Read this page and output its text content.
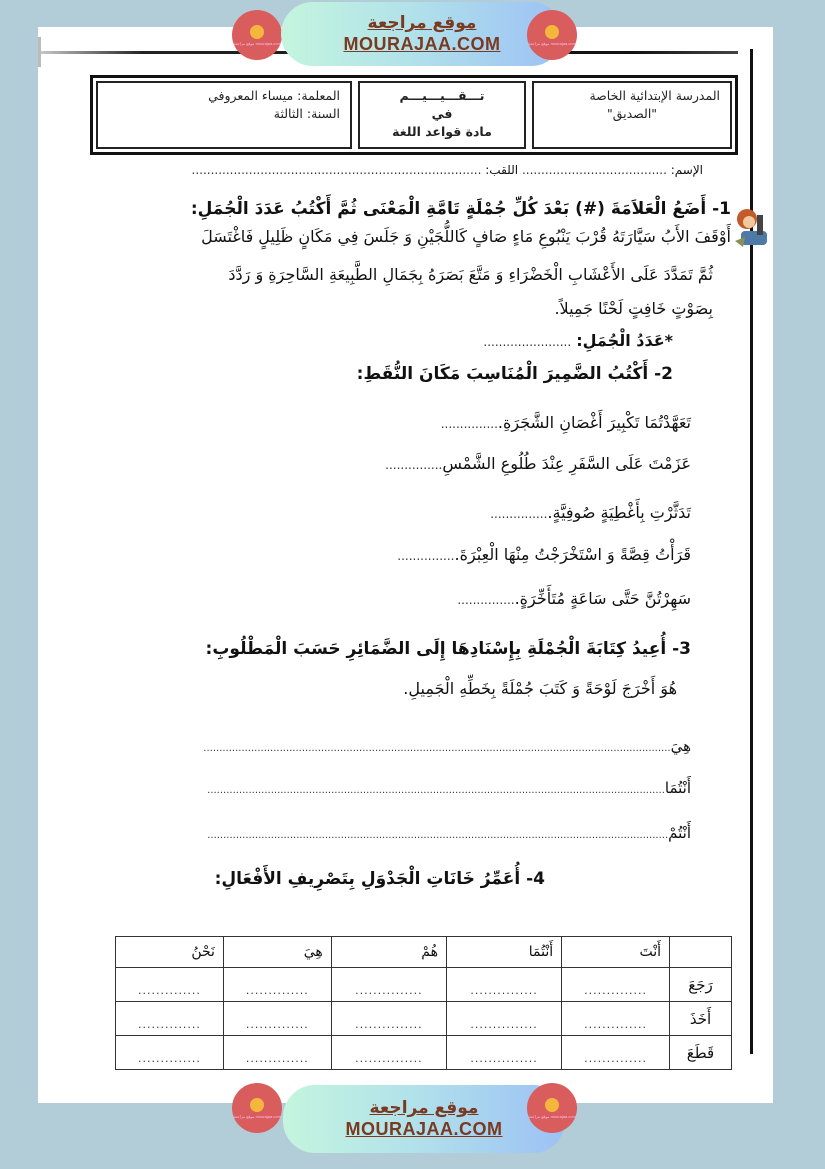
موقع مراجعة mourajaa.com
موقع مراجعة
MOURAJAA.COM	موقع مراجعة mourajaa.com
المدرسة الإبتدائية الخاصة
"الصديق"
تـــقـــيـــيـــم
في
مادة قواعد اللغة
المعلمة: ميساء المعروفي
السنة: الثالثة
الإسم: ...................................... اللقب: ............................................................................
1- أَضَعُ الْعَلاَمَةَ (#) بَعْدَ كُلِّ جُمْلَةٍ تَامَّةِ الْمَعْنَى ثُمَّ أَكْتُبُ عَدَدَ الْجُمَلِ:
أَوْقَفَ الأَبُ سَيَّارَتَهُ قُرْبَ يَنْبُوعِ مَاءٍ صَافٍ كَاللُّجَيْنِ وَ جَلَسَ فِي مَكَانٍ ظَلِيلٍ فَاغْتَسَلَ
ثُمَّ تَمَدَّدَ عَلَى الأَعْشَابِ الْخَضْرَاءِ وَ مَتَّعَ بَصَرَهُ بِجَمَالِ الطَّبِيعَةِ السَّاحِرَةِ وَ رَدَّدَ
بِصَوْتٍ خَافِتٍ لَحْنًا جَمِيلاً.
*عَدَدُ الْجُمَلِ: .......................
2- أَكْتُبُ الضَّمِيرَ الْمُنَاسِبَ مَكَانَ النُّقَطِ:
تَعَهَّدْتُمَا تَكْبِيرَ أَغْصَانِ الشَّجَرَةِ................
عَزَمْتَ عَلَى السَّفَرِ عِنْدَ طُلُوعِ الشَّمْسِ...............
تَدَثَّرْتِ بِأَغْطِيَةٍ صُوفِيَّةٍ................
قَرَأْتُ قِصَّةً وَ اسْتَخْرَجْتُ مِنْهَا الْعِبْرَةَ................
سَهِرْتُنَّ حَتَّى سَاعَةٍ مُتَأَخِّرَةٍ................
3- أُعِيدُ كِتَابَةَ الْجُمْلَةِ بِإِسْنَادِهَا إِلَى الضَّمَائِرِ حَسَبَ الْمَطْلُوبِ:
هُوَ أَخْرَجَ لَوْحَةً وَ كَتَبَ جُمْلَةً بِخَطِّهِ الْجَمِيلِ.
هِيَ...................................................................................................................................................
أَنْتُمَا................................................................................................................................................
أَنْتُمْ.................................................................................................................................................
4- أُعَمِّرُ خَانَاتِ الْجَدْوَلِ بِتَصْرِيفِ الأَفْعَالِ:
	أَنْتَ	أَنْتُمَا	هُمْ	هِيَ	نَحْنُ
رَجَعَ	..............	...............	...............	..............	..............
أَخَذَ	..............	...............	...............	..............	..............
قَطَعَ	..............	...............	...............	..............	..............
موقع مراجعة mourajaa.com	موقع مراجعة
MOURAJAA.COM
موقع مراجعة mourajaa.com
